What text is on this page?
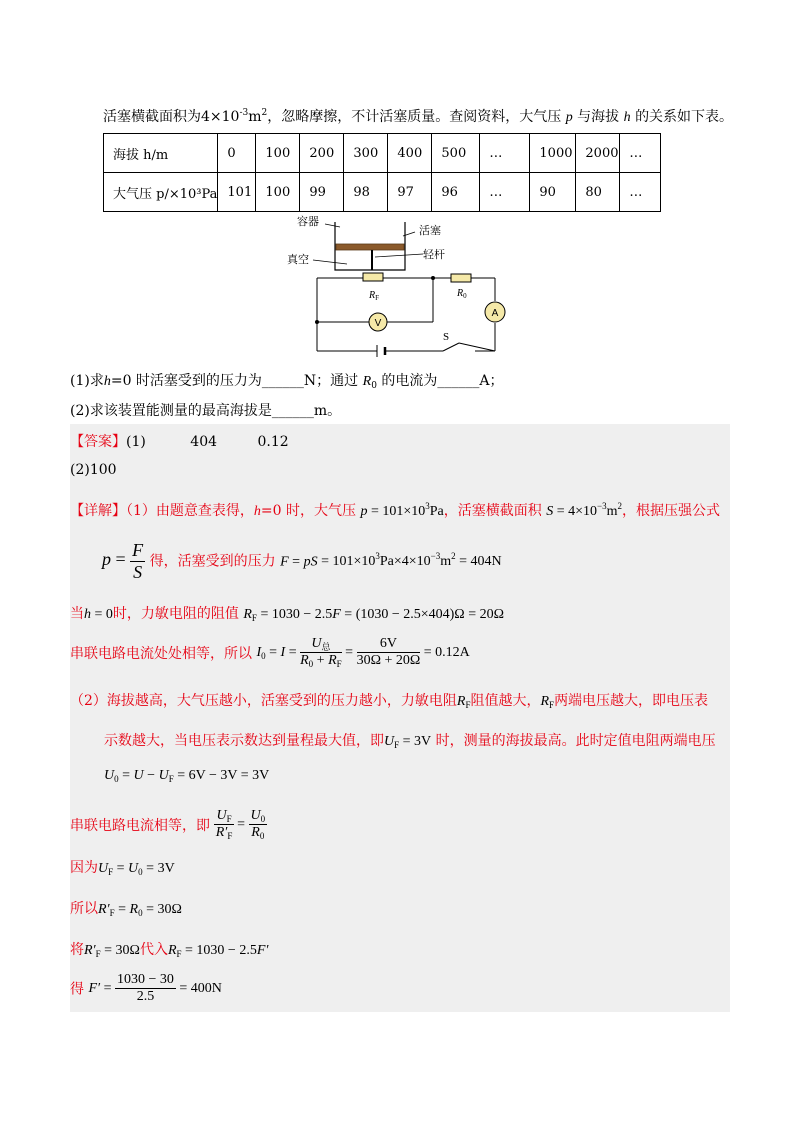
活塞横截面积为$4\times 10^{-3}m^2$，忽略摩擦，不计活塞质量。查阅资料，大气压 p 与海拔 h 的关系如下表。
海拔 h/m	0	100	200	300	400	500	…	1000	2000	…
大气压 p/×10³Pa	101	100	99	98	97	96	…	90	80	…
V
A
S
容器
活塞
真空	轻杆
$R_F$	$R_0$
(1)求h=0 时活塞受到的压力为______N；通过 $R_0$ 的电流为______A；
(2)求该装置能测量的最高海拔是______m。
【答案】(1)	404	0.12
(2)100
【详解】（1）由题意查表得，h=0 时，大气压 $p = 101\times 10^3Pa$，活塞横截面积 $S = 4\times 10^{-3}m^2$，根据压强公式
$p = \frac{F}{S}$ 得，活塞受到的压力 F = pS = $101\times 10^3Pa\times 4\times 10^{-3}m^2 = 404N$
当h = 0时，力敏电阻的阻值 $R_F = 1030 - 2.5F = (1030 - 2.5\times 404)\Omega = 20\Omega$
串联电路电流处处相等，所以 $I_0 = I = \frac{U_总}{R_0 + R_F} = \frac{6V}{30\Omega + 20\Omega} = 0.12A$
（2）海拔越高，大气压越小，活塞受到的压力越小，力敏电阻$R_F$阻值越大，$R_F$两端电压越大，即电压表
示数越大，当电压表示数达到量程最大值，即$U_F = 3V$ 时，测量的海拔最高。此时定值电阻两端电压
$U_0 = U - U_F = 6V - 3V = 3V$
串联电路电流相等，即 $\frac{U_F}{R'_F} = \frac{U_0}{R_0}$
因为$U_F = U_0 = 3V$
所以$R'_F = R_0 = 30\Omega$
将$R'_F = 30\Omega$代入$R_F = 1030 - 2.5F'$
得 $F' = \frac{1030 - 30}{2.5} = 400N$
